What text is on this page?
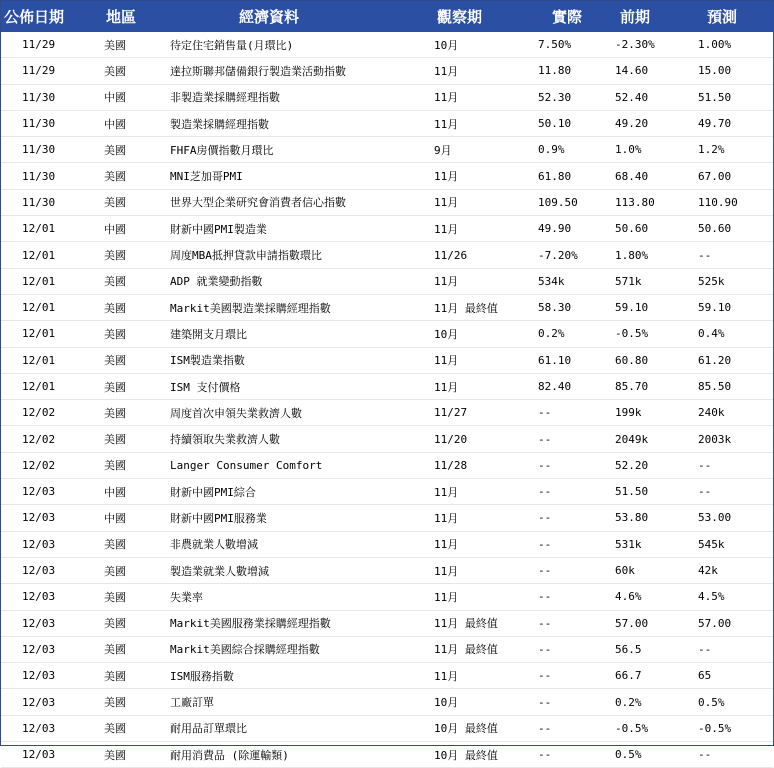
公佈日期	地區	經濟資料	觀察期	實際	前期	預測
11/29	美國	待定住宅銷售量(月環比)	10月	7.50%	-2.30%	1.00%
11/29	美國	達拉斯聯邦儲備銀行製造業活動指數	11月	11.80	14.60	15.00
11/30	中國	非製造業採購經理指數	11月	52.30	52.40	51.50
11/30	中國	製造業採購經理指數	11月	50.10	49.20	49.70
11/30	美國	FHFA房價指數月環比	9月	0.9%	1.0%	1.2%
11/30	美國	MNI芝加哥PMI	11月	61.80	68.40	67.00
11/30	美國	世界大型企業研究會消費者信心指數	11月	109.50	113.80	110.90
12/01	中國	財新中國PMI製造業	11月	49.90	50.60	50.60
12/01	美國	周度MBA抵押貸款申請指數環比	11/26	-7.20%	1.80%	--
12/01	美國	ADP 就業變動指數	11月	534k	571k	525k
12/01	美國	Markit美國製造業採購經理指數	11月 最終值	58.30	59.10	59.10
12/01	美國	建築開支月環比	10月	0.2%	-0.5%	0.4%
12/01	美國	ISM製造業指數	11月	61.10	60.80	61.20
12/01	美國	ISM 支付價格	11月	82.40	85.70	85.50
12/02	美國	周度首次申領失業救濟人數	11/27	--	199k	240k
12/02	美國	持續領取失業救濟人數	11/20	--	2049k	2003k
12/02	美國	Langer Consumer Comfort	11/28	--	52.20	--
12/03	中國	財新中國PMI綜合	11月	--	51.50	--
12/03	中國	財新中國PMI服務業	11月	--	53.80	53.00
12/03	美國	非農就業人數增減	11月	--	531k	545k
12/03	美國	製造業就業人數增減	11月	--	60k	42k
12/03	美國	失業率	11月	--	4.6%	4.5%
12/03	美國	Markit美國服務業採購經理指數	11月 最終值	--	57.00	57.00
12/03	美國	Markit美國綜合採購經理指數	11月 最終值	--	56.5	--
12/03	美國	ISM服務指數	11月	--	66.7	65
12/03	美國	工廠訂單	10月	--	0.2%	0.5%
12/03	美國	耐用品訂單環比	10月 最終值	--	-0.5%	-0.5%
12/03	美國	耐用消費品 (除運輸類)	10月 最終值	--	0.5%	--
